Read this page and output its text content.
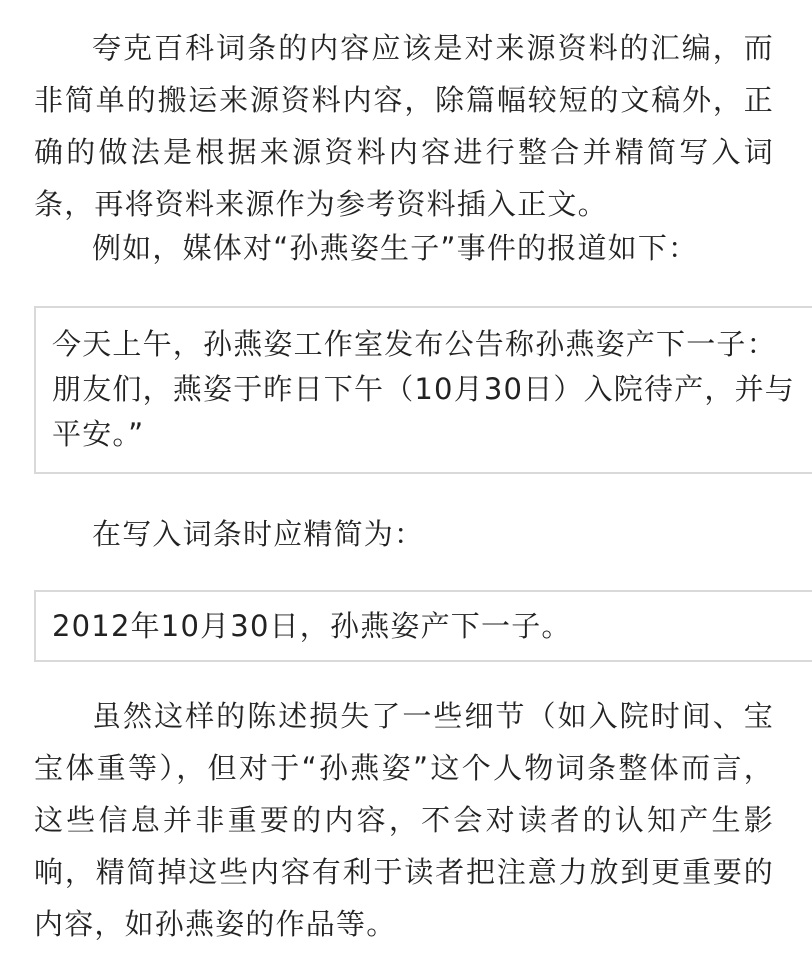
夸克百科词条的内容应该是对来源资料的汇编，而非简单的搬运来源资料内容，除篇幅较短的文稿外，正确的做法是根据来源资料内容进行整合并精简写入词条，再将资料来源作为参考资料插入正文。

例如，媒体对“孙燕姿生子”事件的报道如下：

今天上午，孙燕姿工作室发布公告称孙燕姿产下一子：
朋友们，燕姿于昨日下午（10月30日）入院待产，并与
平安。”

在写入词条时应精简为：

2012年10月30日，孙燕姿产下一子。

虽然这样的陈述损失了一些细节（如入院时间、宝宝体重等），但对于“孙燕姿”这个人物词条整体而言，这些信息并非重要的内容，不会对读者的认知产生影响，精简掉这些内容有利于读者把注意力放到更重要的内容，如孙燕姿的作品等。
